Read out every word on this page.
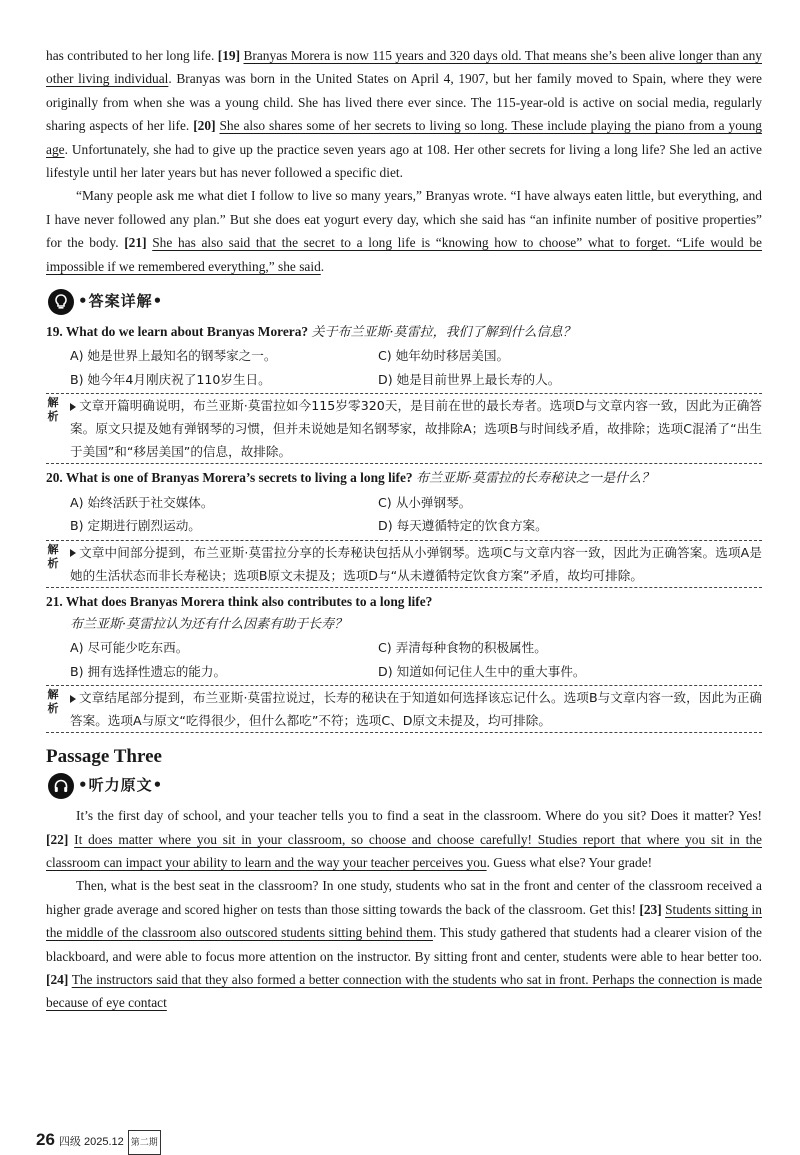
has contributed to her long life. [19] Branyas Morera is now 115 years and 320 days old. That means she’s been alive longer than any other living individual. Branyas was born in the United States on April 4, 1907, but her family moved to Spain, where they were originally from when she was a young child. She has lived there ever since. The 115-year-old is active on social media, regularly sharing aspects of her life. [20] She also shares some of her secrets to living so long. These include playing the piano from a young age. Unfortunately, she had to give up the practice seven years ago at 108. Her other secrets for living a long life? She led an active lifestyle until her later years but has never followed a specific diet.

“Many people ask me what diet I follow to live so many years,” Branyas wrote. “I have always eaten little, but everything, and I have never followed any plan.” But she does eat yogurt every day, which she said has “an infinite number of positive properties” for the body. [21] She has also said that the secret to a long life is “knowing how to choose” what to forget. “Life would be impossible if we remembered everything,” she said.

•答案详解•
19. What do we learn about Branyas Morera? 关于布兰亚斯·莫雷拉，我们了解到什么信息？
A) 她是世界上最知名的钢琴家之一。	C) 她年幼时移居美国。
B) 她今年4月刚庆祝了110岁生日。	D) 她是目前世界上最长寿的人。
解析
文章开篇明确说明，布兰亚斯·莫雷拉如今115岁零320天，是目前在世的最长寿者。选项D与文章内容一致，因此为正确答案。原文只提及她有弹钢琴的习惯，但并未说她是知名钢琴家，故排除A；选项B与时间线矛盾，故排除；选项C混淆了“出生于美国”和“移居美国”的信息，故排除。
20. What is one of Branyas Morera’s secrets to living a long life? 布兰亚斯·莫雷拉的长寿秘诀之一是什么？
A) 始终活跃于社交媒体。	C) 从小弹钢琴。
B) 定期进行剧烈运动。	D) 每天遵循特定的饮食方案。
解析
文章中间部分提到，布兰亚斯·莫雷拉分享的长寿秘诀包括从小弹钢琴。选项C与文章内容一致，因此为正确答案。选项A是她的生活状态而非长寿秘诀；选项B原文未提及；选项D与“从未遵循特定饮食方案”矛盾，故均可排除。
21. What does Branyas Morera think also contributes to a long life?
布兰亚斯·莫雷拉认为还有什么因素有助于长寿？
A) 尽可能少吃东西。	C) 弄清每种食物的积极属性。
B) 拥有选择性遗忘的能力。	D) 知道如何记住人生中的重大事件。
解析
文章结尾部分提到，布兰亚斯·莫雷拉说过，长寿的秘诀在于知道如何选择该忘记什么。选项B与文章内容一致，因此为正确答案。选项A与原文“吃得很少，但什么都吃”不符；选项C、D原文未提及，均可排除。
Passage Three
•听力原文•

It’s the first day of school, and your teacher tells you to find a seat in the classroom. Where do you sit? Does it matter? Yes! [22] It does matter where you sit in your classroom, so choose and choose carefully! Studies report that where you sit in the classroom can impact your ability to learn and the way your teacher perceives you. Guess what else? Your grade!

Then, what is the best seat in the classroom? In one study, students who sat in the front and center of the classroom received a higher grade average and scored higher on tests than those sitting towards the back of the classroom. Get this! [23] Students sitting in the middle of the classroom also outscored students sitting behind them. This study gathered that students had a clearer vision of the blackboard, and were able to focus more attention on the instructor. By sitting front and center, students were able to hear better too. [24] The instructors said that they also formed a better connection with the students who sat in front. Perhaps the connection is made because of eye contact

26 四级 2025.12 第二期
